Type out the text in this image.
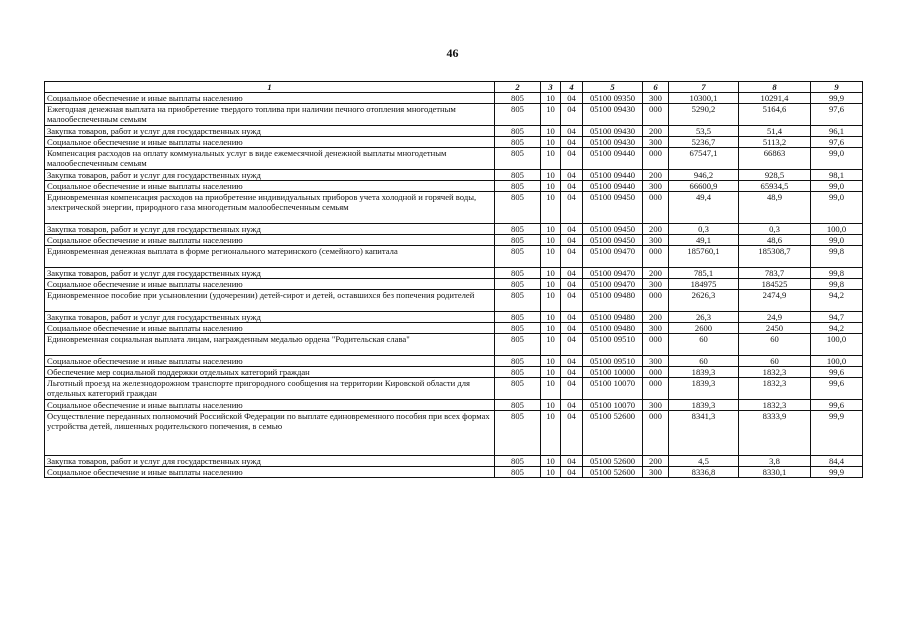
46
1	2	3	4	5	6	7	8	9
Социальное обеспечение и иные выплаты населению	805	10	04	05100 09350	300	10300,1	10291,4	99,9
Ежегодная денежная выплата на приобретение твердого топлива при наличии печного отопления многодетным малообеспеченным семьям	805	10	04	05100 09430	000	5290,2	5164,6	97,6
Закупка товаров, работ и услуг для государственных нужд	805	10	04	05100 09430	200	53,5	51,4	96,1
Социальное обеспечение и иные выплаты населению	805	10	04	05100 09430	300	5236,7	5113,2	97,6
Компенсация расходов на оплату коммунальных услуг в виде ежемесячной денежной выплаты многодетным малообеспеченным семьям	805	10	04	05100 09440	000	67547,1	66863	99,0
Закупка товаров, работ и услуг для государственных нужд	805	10	04	05100 09440	200	946,2	928,5	98,1
Социальное обеспечение и иные выплаты населению	805	10	04	05100 09440	300	66600,9	65934,5	99,0
Единовременная компенсация расходов на приобретение индивидуальных приборов учета холодной и горячей воды, электрической энергии, природного газа многодетным малообеспеченным семьям	805	10	04	05100 09450	000	49,4	48,9	99,0
Закупка товаров, работ и услуг для государственных нужд	805	10	04	05100 09450	200	0,3	0,3	100,0
Социальное обеспечение и иные выплаты населению	805	10	04	05100 09450	300	49,1	48,6	99,0
Единовременная денежная выплата в форме регионального материнского (семейного) капитала	805	10	04	05100 09470	000	185760,1	185308,7	99,8
Закупка товаров, работ и услуг для государственных нужд	805	10	04	05100 09470	200	785,1	783,7	99,8
Социальное обеспечение и иные выплаты населению	805	10	04	05100 09470	300	184975	184525	99,8
Единовременное пособие при усыновлении (удочерении) детей-сирот и детей, оставшихся без попечения родителей	805	10	04	05100 09480	000	2626,3	2474,9	94,2
Закупка товаров, работ и услуг для государственных нужд	805	10	04	05100 09480	200	26,3	24,9	94,7
Социальное обеспечение и иные выплаты населению	805	10	04	05100 09480	300	2600	2450	94,2
Единовременная социальная выплата лицам, награжденным медалью ордена "Родительская слава"	805	10	04	05100 09510	000	60	60	100,0
Социальное обеспечение и иные выплаты населению	805	10	04	05100 09510	300	60	60	100,0
Обеспечение мер социальной поддержки отдельных категорий граждан	805	10	04	05100 10000	000	1839,3	1832,3	99,6
Льготный проезд на железнодорожном транспорте пригородного сообщения на территории Кировской области для отдельных категорий граждан	805	10	04	05100 10070	000	1839,3	1832,3	99,6
Социальное обеспечение и иные выплаты населению	805	10	04	05100 10070	300	1839,3	1832,3	99,6
Осуществление переданных полномочий Российской Федерации по выплате единовременного пособия при всех формах устройства детей, лишенных родительского попечения, в семью	805	10	04	05100 52600	000	8341,3	8333,9	99,9
Закупка товаров, работ и услуг для государственных нужд	805	10	04	05100 52600	200	4,5	3,8	84,4
Социальное обеспечение и иные выплаты населению	805	10	04	05100 52600	300	8336,8	8330,1	99,9
